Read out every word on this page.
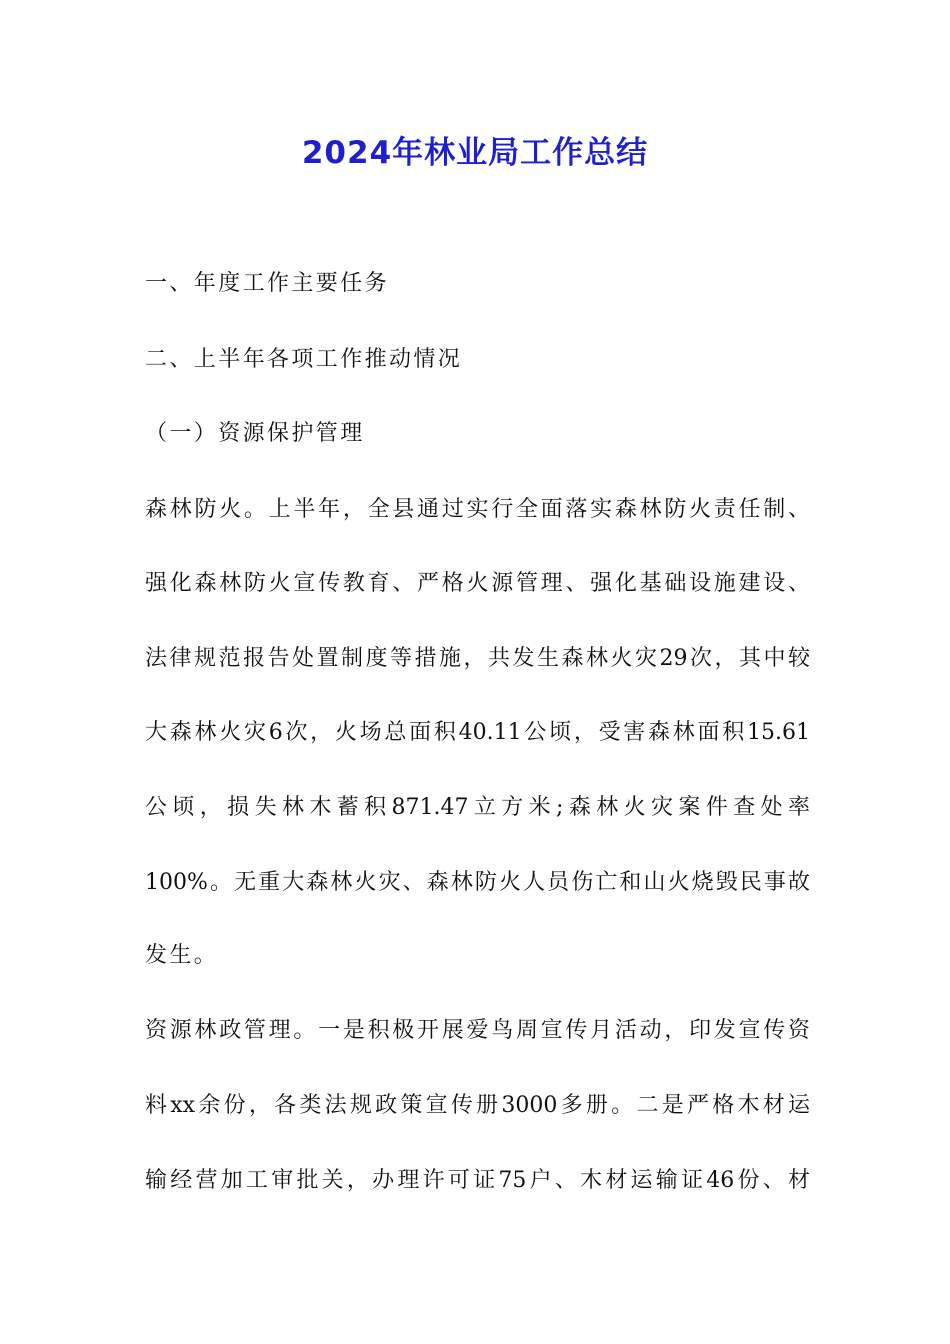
2024年林业局工作总结
一、年度工作主要任务
二、上半年各项工作推动情况
（一）资源保护管理
森林防火。上半年，全县通过实行全面落实森林防火责任制、
强化森林防火宣传教育、严格火源管理、强化基础设施建设、
法律规范报告处置制度等措施，共发生森林火灾29次，其中较
大森林火灾6次，火场总面积40.11公顷，受害森林面积15.61
公顷，损失林木蓄积871.47立方米;森林火灾案件查处率
100%。无重大森林火灾、森林防火人员伤亡和山火烧毁民事故
发生。
资源林政管理。一是积极开展爱鸟周宣传月活动，印发宣传资
料xx余份，各类法规政策宣传册3000多册。二是严格木材运
输经营加工审批关，办理许可证75户、木材运输证46份、材
